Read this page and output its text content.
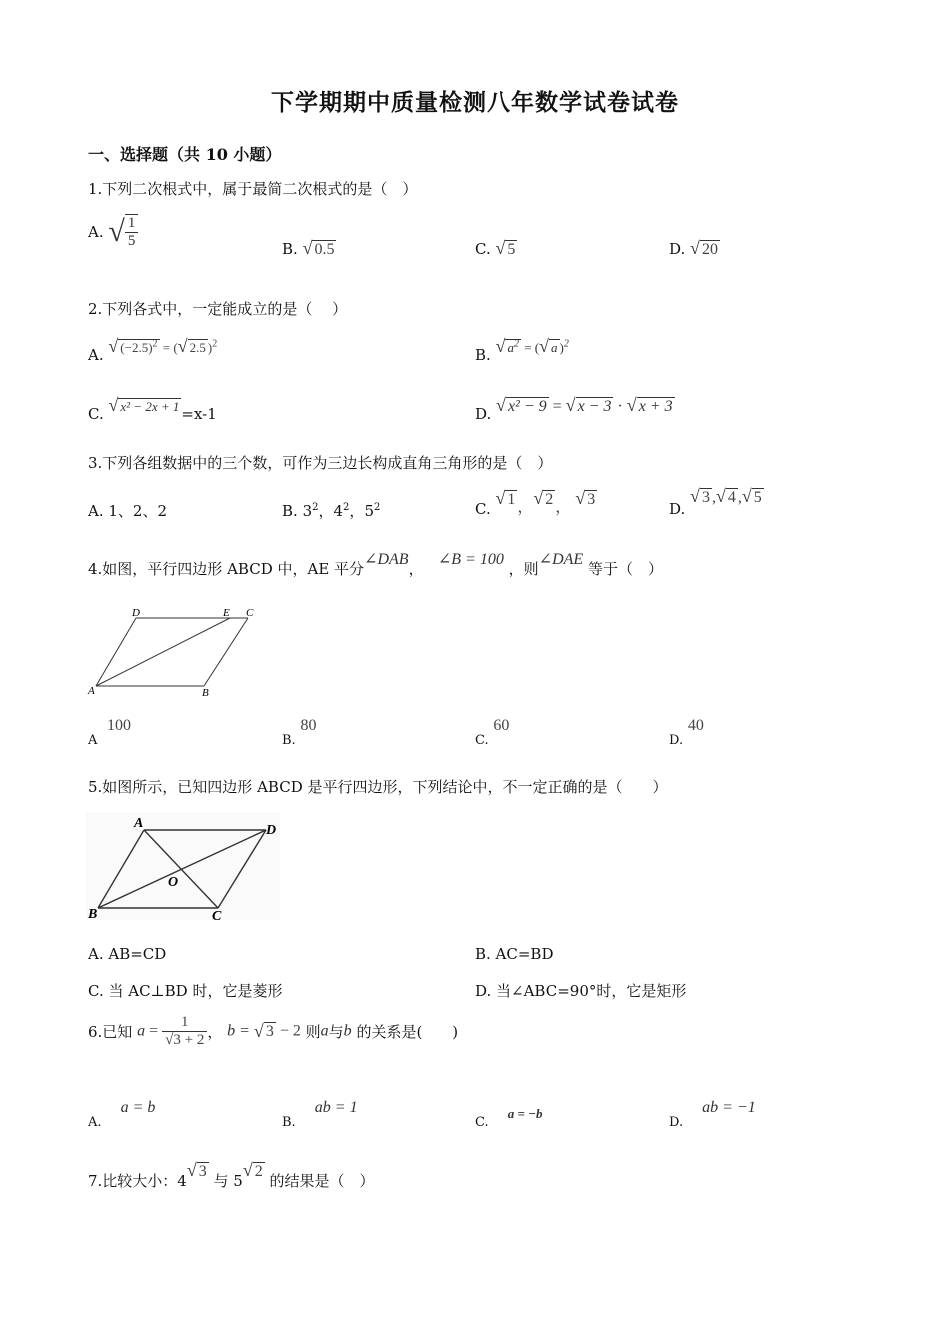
下学期期中质量检测八年数学试卷试卷
一、选择题（共 10 小题）
1.下列二次根式中，属于最简二次根式的是（　）
A. √ $\frac{1}{5}$	B. √ 0.5	C. √ 5	D. √ 20
2.下列各式中，一定能成立的是（　 ）
A. √ $(-2.5)^2$ = (√ 2.5 )$^2$
B. √ $a^2$ = (√ a )$^2$
C. √ x² − 2x + 1 =x-1	D. √ x² − 9 = √ x − 3 · √ x + 3
3.下列各组数据中的三个数，可作为三边长构成直角三角形的是（　）
A. 1、2、2	B. $3^2$，$4^2$，$5^2$	C. √ 1 ，√ 2 ， √ 3
D. √ 3 ,√ 4 ,√ 5
4.如图，平行四边形 ABCD 中，AE 平分∠DAB，   ∠B = 100 ，则∠DAE 等于（　）
D	E C
A	B
A  100
B. 80
C. 60
D. 40
5.如图所示，已知四边形 ABCD 是平行四边形，下列结论中，不一定正确的是（　　）
A	D
O
B	C
A. AB=CD	B. AC=BD
C. 当 AC⊥BD 时，它是菱形	D. 当∠ABC=90°时，它是矩形
6.已知 $a = \frac{1}{√3 + 2}$ ， b = √ 3 − 2 则a与b 的关系是(　　)
A.    a = b
B.    ab = 1
C.    a = −b
D.    ab = −1
7.比较大小：4√ 3 与 5√ 2 的结果是（　）
